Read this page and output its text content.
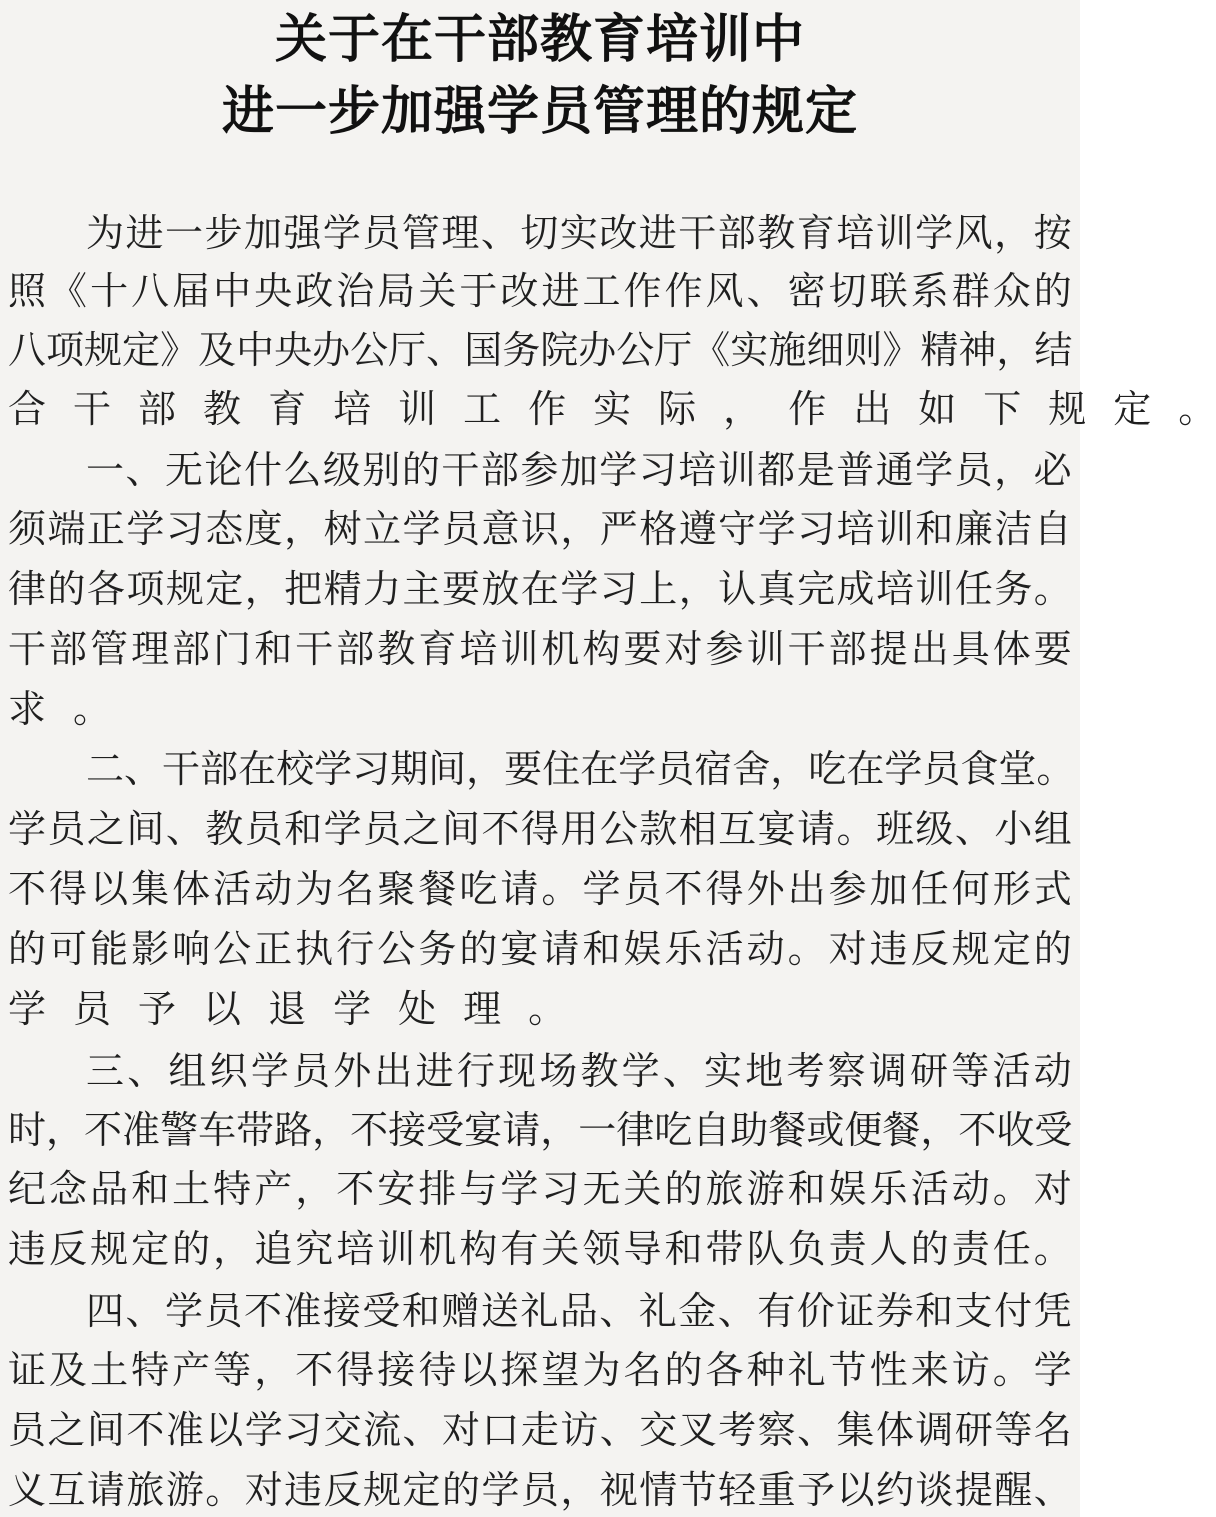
关于在干部教育培训中
进一步加强学员管理的规定
为 进 一 步 加 强 学 员 管 理 、 切 实 改 进 干 部 教 育 培 训 学 风 ， 按
照 《 十 八 届 中 央 政 治 局 关 于 改 进 工 作 作 风 、 密 切 联 系 群 众 的
八 项 规 定 》 及 中 央 办 公 厅 、 国 务 院 办 公 厅 《 实 施 细 则 》 精 神 ， 结
合 干 部 教 育 培 训 工 作 实 际 ， 作 出 如 下 规 定 。
一 、 无 论 什 么 级 别 的 干 部 参 加 学 习 培 训 都 是 普 通 学 员 ， 必
须 端 正 学 习 态 度 ， 树 立 学 员 意 识 ， 严 格 遵 守 学 习 培 训 和 廉 洁 自
律 的 各 项 规 定 ， 把 精 力 主 要 放 在 学 习 上 ， 认 真 完 成 培 训 任 务 。
干 部 管 理 部 门 和 干 部 教 育 培 训 机 构 要 对 参 训 干 部 提 出 具 体 要
求 。
二 、 干 部 在 校 学 习 期 间 ， 要 住 在 学 员 宿 舍 ， 吃 在 学 员 食 堂 。
学 员 之 间 、 教 员 和 学 员 之 间 不 得 用 公 款 相 互 宴 请 。 班 级 、 小 组
不 得 以 集 体 活 动 为 名 聚 餐 吃 请 。 学 员 不 得 外 出 参 加 任 何 形 式
的 可 能 影 响 公 正 执 行 公 务 的 宴 请 和 娱 乐 活 动 。 对 违 反 规 定 的
学 员 予 以 退 学 处 理 。
三 、 组 织 学 员 外 出 进 行 现 场 教 学 、 实 地 考 察 调 研 等 活 动
时 ， 不 准 警 车 带 路 ， 不 接 受 宴 请 ， 一 律 吃 自 助 餐 或 便 餐 ， 不 收 受
纪 念 品 和 土 特 产 ， 不 安 排 与 学 习 无 关 的 旅 游 和 娱 乐 活 动 。 对
违 反 规 定 的 ， 追 究 培 训 机 构 有 关 领 导 和 带 队 负 责 人 的 责 任 。
四 、 学 员 不 准 接 受 和 赠 送 礼 品 、 礼 金 、 有 价 证 券 和 支 付 凭
证 及 土 特 产 等 ， 不 得 接 待 以 探 望 为 名 的 各 种 礼 节 性 来 访 。 学
员 之 间 不 准 以 学 习 交 流 、 对 口 走 访 、 交 叉 考 察 、 集 体 调 研 等 名
义 互 请 旅 游 。 对 违 反 规 定 的 学 员 ， 视 情 节 轻 重 予 以 约 谈 提 醒 、
